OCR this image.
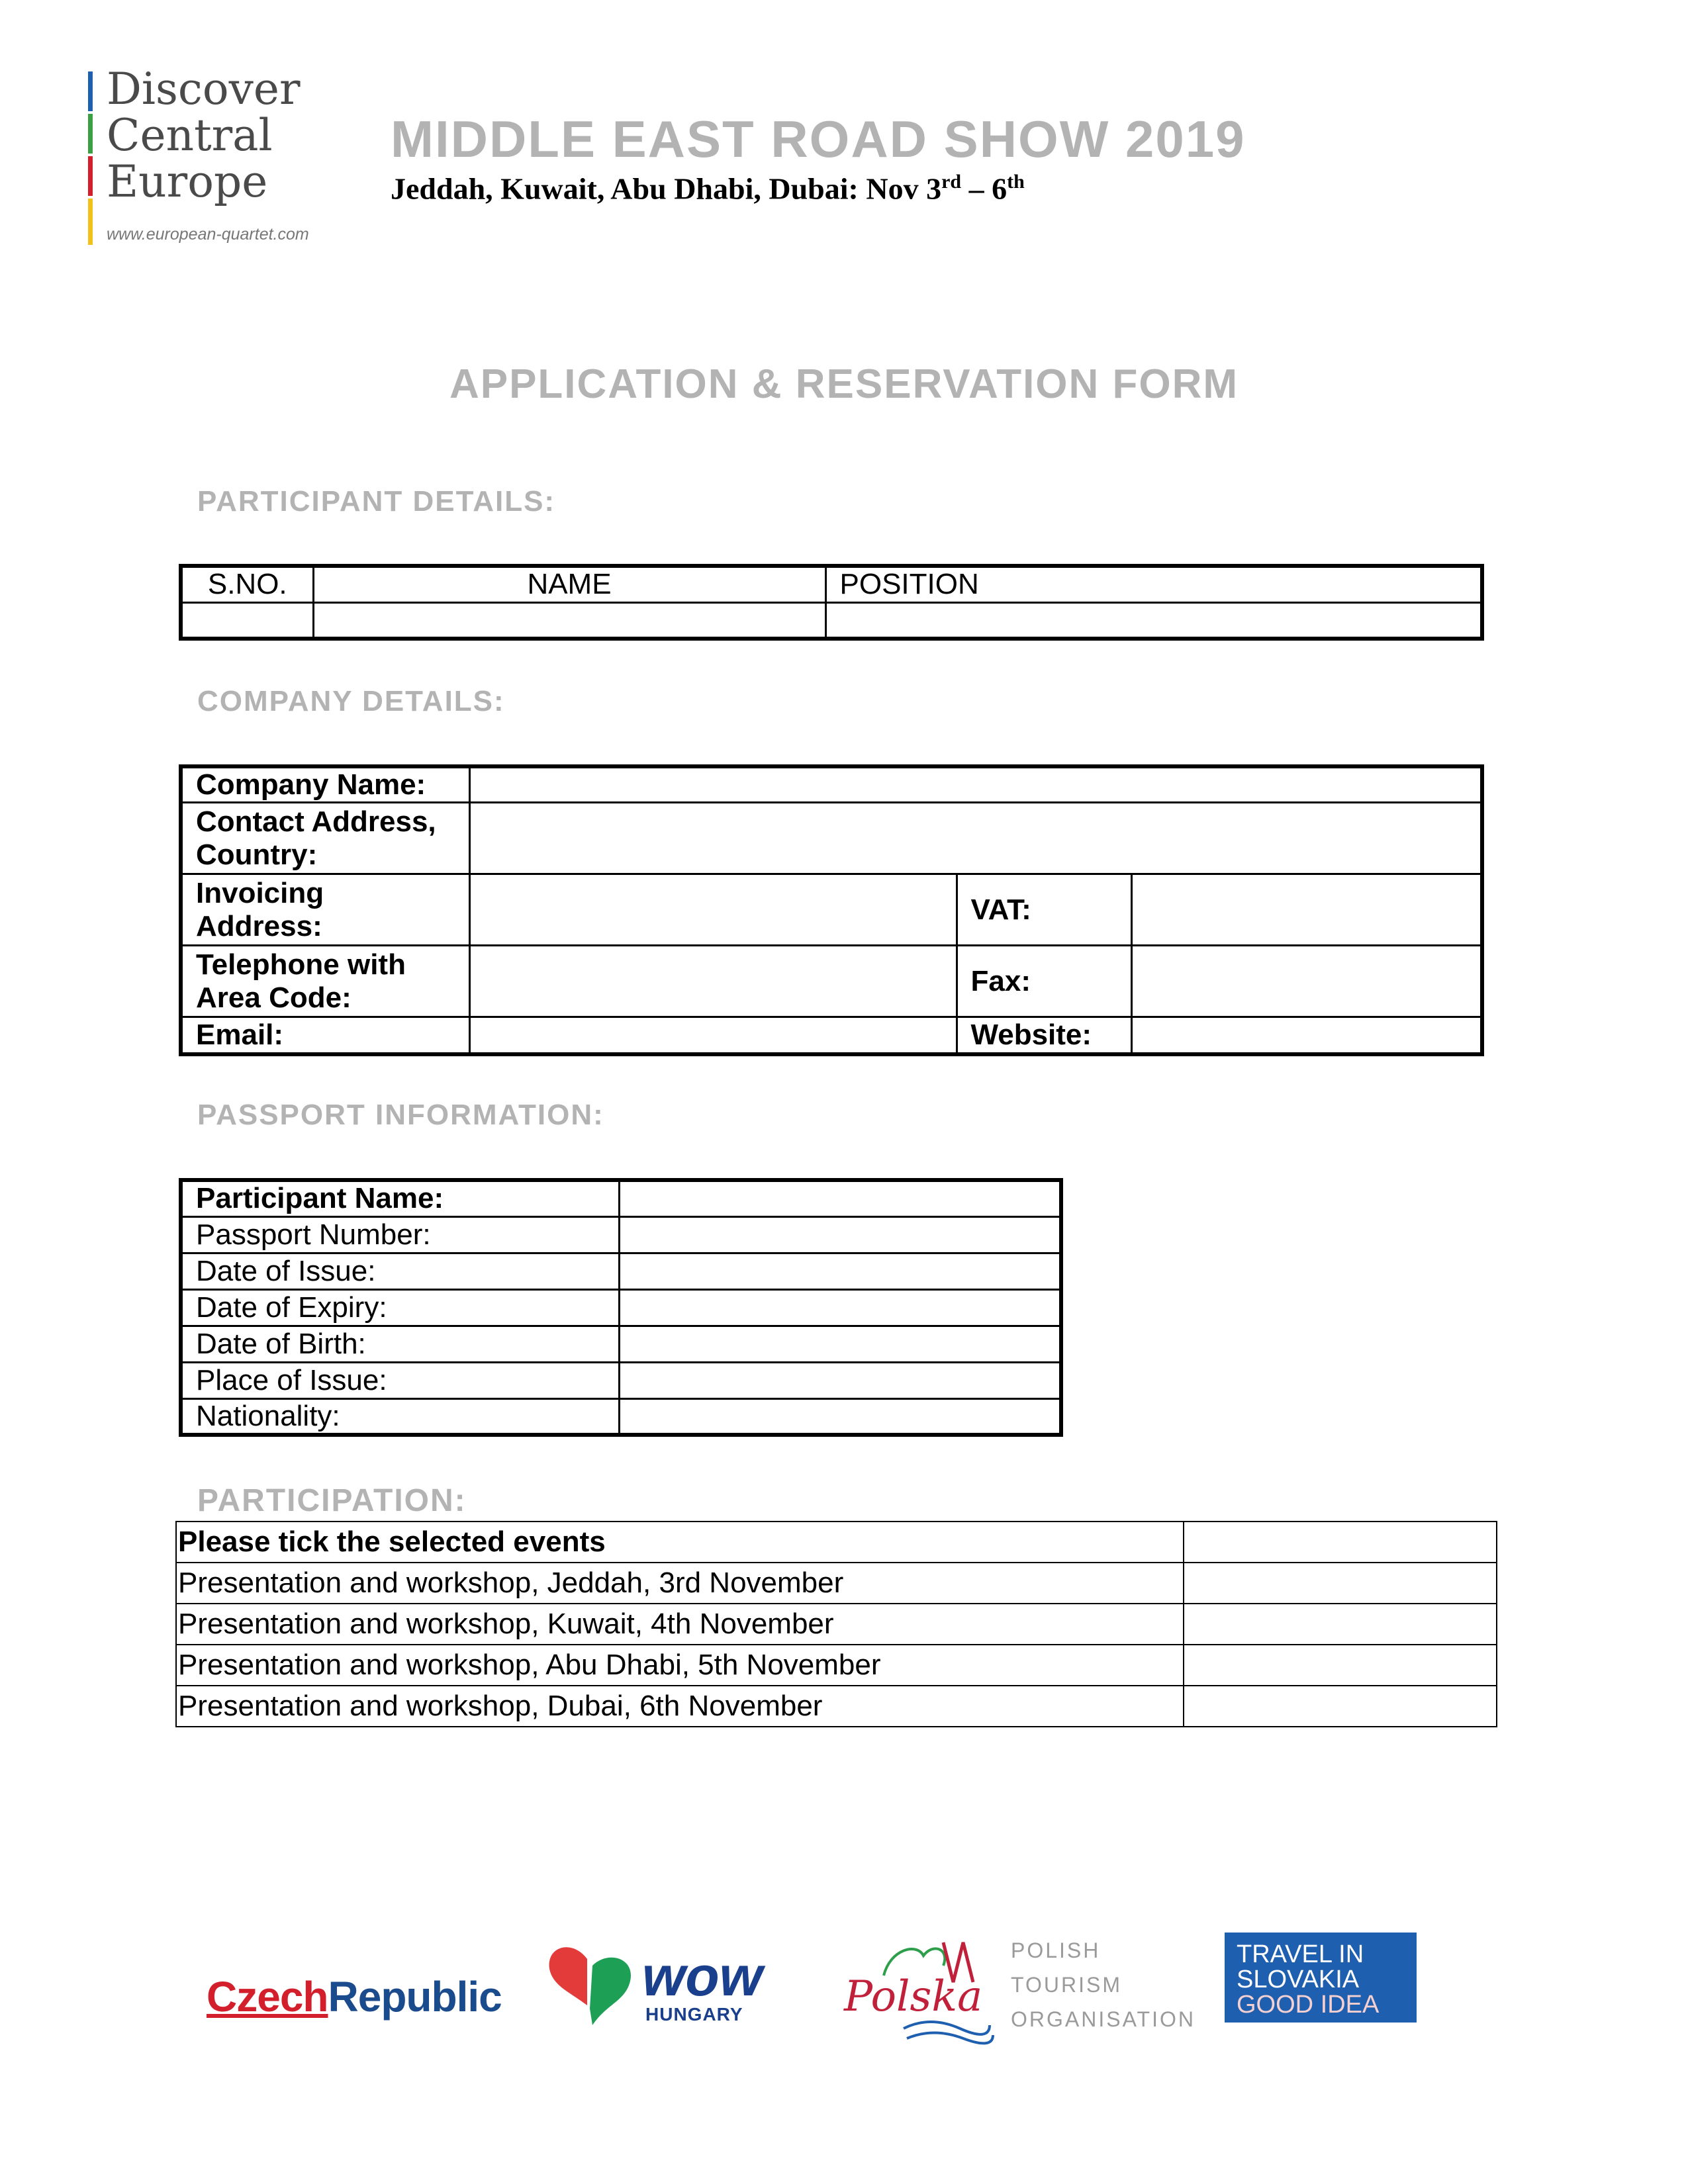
Discover
Central
Europe
www.european-quartet.com
MIDDLE EAST ROAD SHOW 2019
Jeddah, Kuwait, Abu Dhabi, Dubai: Nov 3rd – 6th
APPLICATION & RESERVATION FORM
PARTICIPANT DETAILS:
S.NO.	NAME	POSITION

COMPANY DETAILS:
Company Name:			
Contact Address, Country:			
Invoicing Address:		VAT:	
Telephone with Area Code:		Fax:	
Email:		Website:	
PASSPORT INFORMATION:
Participant Name:	
Passport Number:	
Date of Issue:	
Date of Expiry:	
Date of Birth:	
Place of Issue:	
Nationality:	
PARTICIPATION:
Please tick the selected events	
Presentation and workshop, Jeddah, 3rd November	
Presentation and workshop, Kuwait, 4th November	
Presentation and workshop, Abu Dhabi, 5th November	
Presentation and workshop, Dubai, 6th November	
CzechRepublic	wow
HUNGARY Polska
POLISH
TOURISM
ORGANISATION
TRAVEL IN
SLOVAKIA
GOOD IDEA
